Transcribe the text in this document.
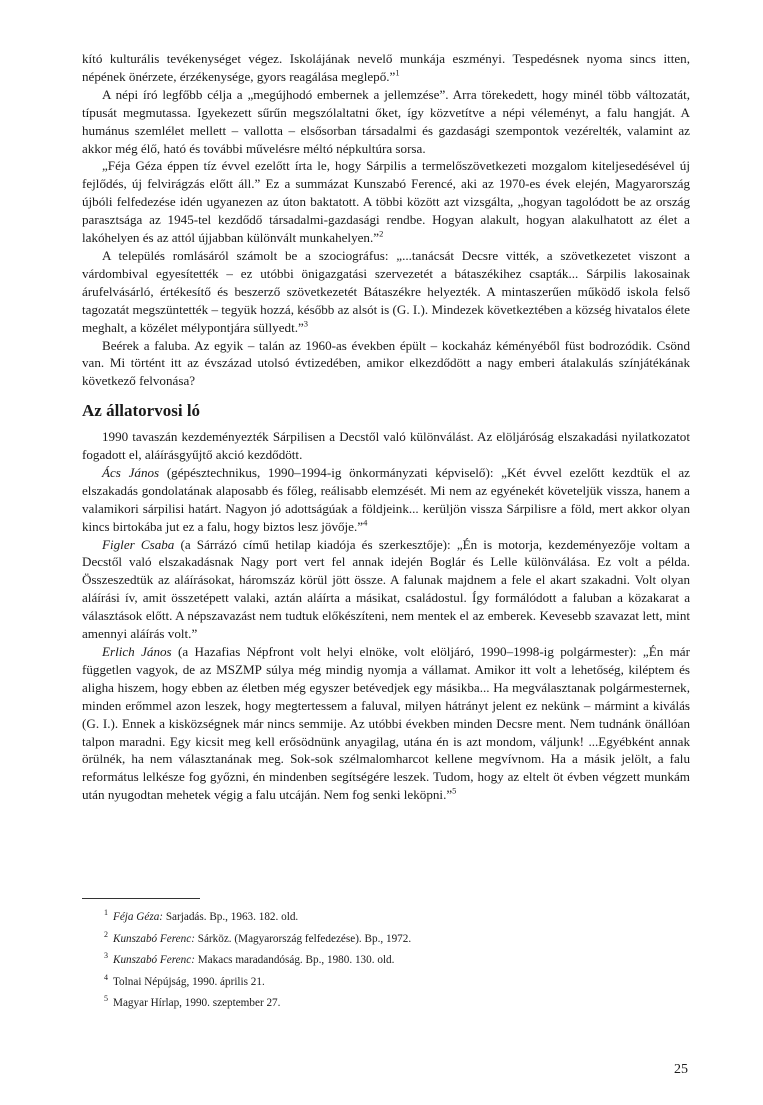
kító kulturális tevékenységet végez. Iskolájának nevelő munkája eszményi. Tespedésnek nyoma sincs itten, népének önérzete, érzékenysége, gyors reagálása meglepő.”$^1$

A népi író legfőbb célja a „megújhodó embernek a jellemzése”. Arra törekedett, hogy minél több változatát, típusát megmutassa. Igyekezett sűrűn megszólaltatni őket, így közvetítve a népi véleményt, a falu hangját. A humánus szemlélet mellett – vallotta – elsősorban társadalmi és gazdasági szempontok vezérelték, valamint az akkor még élő, ható és további művelésre méltó népkultúra sorsa.

„Féja Géza éppen tíz évvel ezelőtt írta le, hogy Sárpilis a termelőszövetkezeti mozgalom kiteljesedésével új fejlődés, új felvirágzás előtt áll.” Ez a summázat Kunszabó Ferencé, aki az 1970-es évek elején, Magyarország újbóli felfedezése idén ugyanezen az úton baktatott. A többi között azt vizsgálta, „hogyan tagolódott be az ország parasztsága az 1945-tel kezdődő társadalmi-gazdasági rendbe. Hogyan alakult, hogyan alakulhatott az élet a lakóhelyen és az attól újjabban különvált munkahelyen.”$^2$

A település romlásáról számolt be a szociográfus: „...tanácsát Decsre vitték, a szövetkezetet viszont a várdombival egyesítették – ez utóbbi önigazgatási szervezetét a bátaszékihez csapták... Sárpilis lakosainak árufelvásárló, értékesítő és beszerző szövetkezetét Bátaszékre helyezték. A mintaszerűen működő iskola felső tagozatát megszüntették – tegyük hozzá, később az alsót is (G. I.). Mindezek következtében a község hivatalos élete meghalt, a közélet mélypontjára süllyedt.”$^3$

Beérek a faluba. Az egyik – talán az 1960-as években épült – kockaház kéményéből füst bodrozódik. Csönd van. Mi történt itt az évszázad utolsó évtizedében, amikor elkezdődött a nagy emberi átalakulás színjátékának következő felvonása?

Az állatorvosi ló

1990 tavaszán kezdeményezték Sárpilisen a Decstől való különválást. Az elöljáróság elszakadási nyilatkozatot fogadott el, aláírásgyűjtő akció kezdődött.

Ács János (gépésztechnikus, 1990–1994-ig önkormányzati képviselő): „Két évvel ezelőtt kezdtük el az elszakadás gondolatának alaposabb és főleg, reálisabb elemzését. Mi nem az egyénekét követeljük vissza, hanem a valamikori sárpilisi határt. Nagyon jó adottságúak a földjeink... kerüljön vissza Sárpilisre a föld, mert akkor olyan kincs birtokába jut ez a falu, hogy biztos lesz jövője.”$^4$

Figler Csaba (a Sárrázó című hetilap kiadója és szerkesztője): „Én is motorja, kezdeményezője voltam a Decstől való elszakadásnak Nagy port vert fel annak idején Boglár és Lelle különválása. Ez volt a példa. Összeszedtük az aláírásokat, háromszáz körül jött össze. A falunak majdnem a fele el akart szakadni. Volt olyan aláírási ív, amit összetépett valaki, aztán aláírta a másikat, családostul. Így formálódott a faluban a közakarat a választások előtt. A népszavazást nem tudtuk előkészíteni, nem mentek el az emberek. Kevesebb szavazat lett, mint amennyi aláírás volt.”

Erlich János (a Hazafias Népfront volt helyi elnöke, volt elöljáró, 1990–1998-ig polgármester): „Én már független vagyok, de az MSZMP súlya még mindig nyomja a vállamat. Amikor itt volt a lehetőség, kiléptem és aligha hiszem, hogy ebben az életben még egyszer betévedjek egy másikba... Ha megválasztanak polgármesternek, minden erőmmel azon leszek, hogy megtertessem a faluval, milyen hátrányt jelent ez nekünk – mármint a kiválás (G. I.). Ennek a kisközségnek már nincs semmije. Az utóbbi években minden Decsre ment. Nem tudnánk önállóan talpon maradni. Egy kicsit meg kell erősödnünk anyagilag, utána én is azt mondom, váljunk! ...Egyébként annak örülnék, ha nem választanának meg. Sok-sok szélmalomharcot kellene megvívnom. Ha a másik jelölt, a falu református lelkésze fog győzni, én mindenben segítségére leszek. Tudom, hogy az eltelt öt évben végzett munkám után nyugodtan mehetek végig a falu utcáján. Nem fog senki leköpni.”$^5$

$^1$ Féja Géza: Sarjadás. Bp., 1963. 182. old.
$^2$ Kunszabó Ferenc: Sárköz. (Magyarország felfedezése). Bp., 1972.
$^3$ Kunszabó Ferenc: Makacs maradandóság. Bp., 1980. 130. old.
$^4$ Tolnai Népújság, 1990. április 21.
$^5$ Magyar Hírlap, 1990. szeptember 27.
25
